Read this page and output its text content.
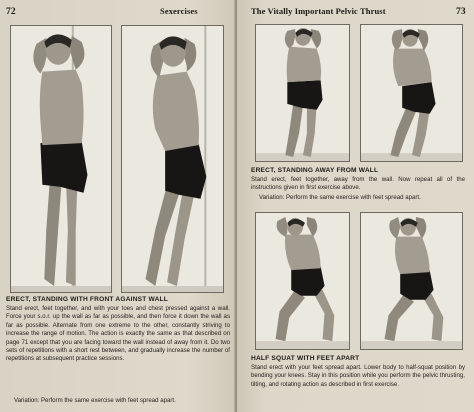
72	Sexercises
ERECT, STANDING WITH FRONT AGAINST WALL
Stand erect, feet together, and with your toes and chest pressed against a wall. Force your s.o.r. up the wall as far as possible, and then force it down the wall as far as possible. Alternate from one extreme to the other, constantly striving to increase the range of motion. The action is exactly the same as that described on page 71 except that you are facing toward the wall instead of away from it. Do two sets of repetitions with a short rest between, and gradually increase the number of repetitions at subsequent practice sessions.
Variation: Perform the same exercise with feet spread apart.
The Vitally Important Pelvic Thrust	73
ERECT, STANDING AWAY FROM WALL
Stand erect, feet together, away from the wall. Now repeat all of the instructions given in first exercise above.
Variation: Perform the same exercise with feet spread apart.
HALF SQUAT WITH FEET APART
Stand erect with your feet spread apart. Lower body to half-squat position by bending your knees. Stay in this position while you perform the pelvic thrusting, tilting, and rotating action as described in first exercise.
